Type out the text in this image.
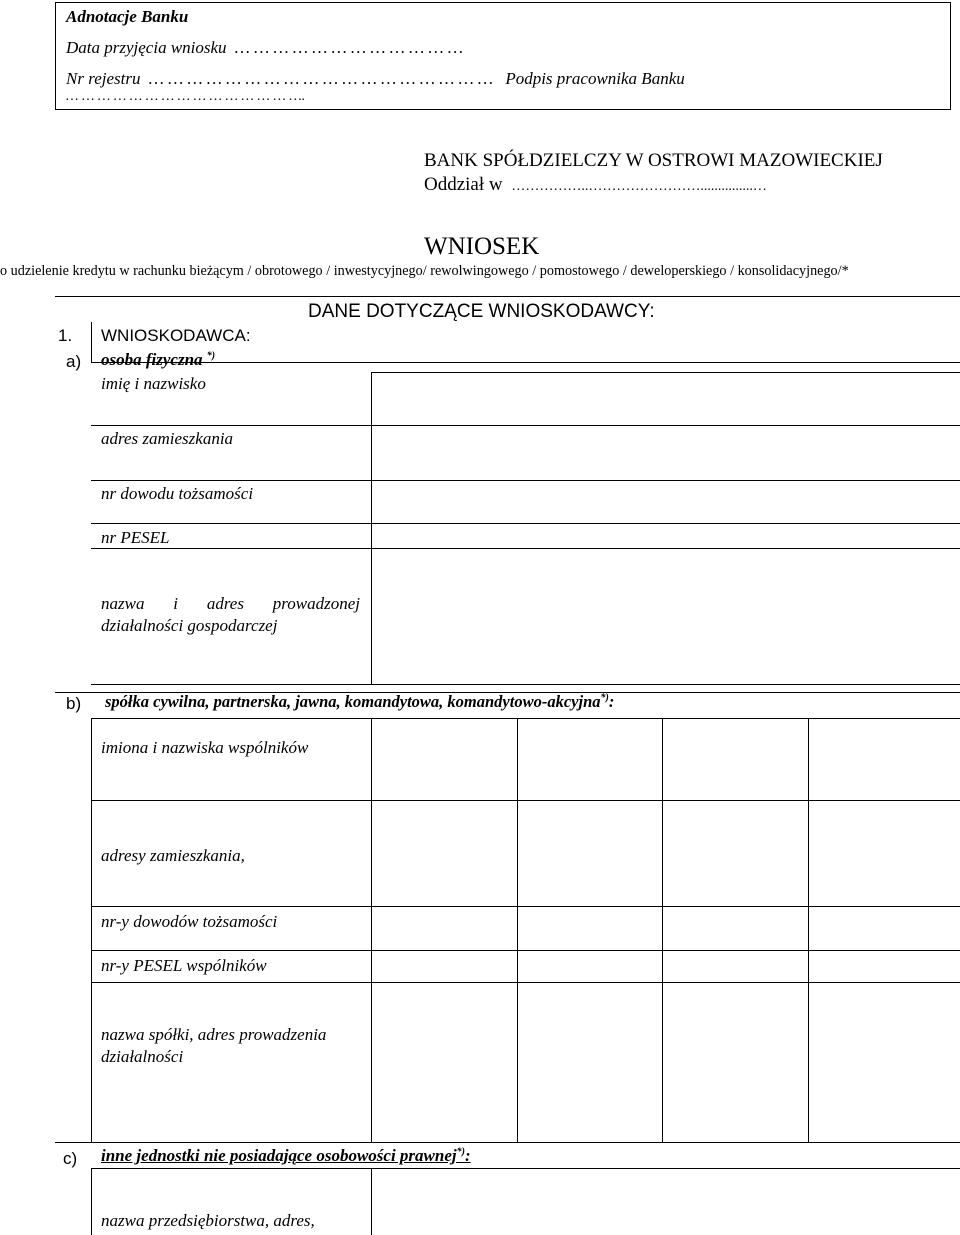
Adnotacje Banku
Data przyjęcia wniosku … … … … … … … … … … … …
Nr rejestru … … … … … … … … … … … … … … … … … … Podpis pracownika Banku
… … … … … … … … … … … … … … ….
BANK SPÓŁDZIELCZY W OSTROWI MAZOWIECKIEJ
Oddział w ……………..……………………...............…
WNIOSEK
o udzielenie kredytu w rachunku bieżącym / obrotowego / inwestycyjnego/ rewolwingowego / pomostowego / deweloperskiego / konsolidacyjnego/*
DANE DOTYCZĄCE WNIOSKODAWCY:
1. WNIOSKODAWCA:
a) osoba fizyczna *)
imię i nazwisko
adres zamieszkania
nr dowodu tożsamości
nr PESEL
nazwa i adres prowadzonej działalności gospodarczej
b) spółka cywilna, partnerska, jawna, komandytowa, komandytowo-akcyjna*):
imiona i nazwiska wspólników
adresy zamieszkania,
nr-y dowodów tożsamości
nr-y PESEL wspólników
nazwa spółki, adres prowadzenia działalności
c) inne jednostki nie posiadające osobowości prawnej*):
nazwa przedsiębiorstwa, adres,
